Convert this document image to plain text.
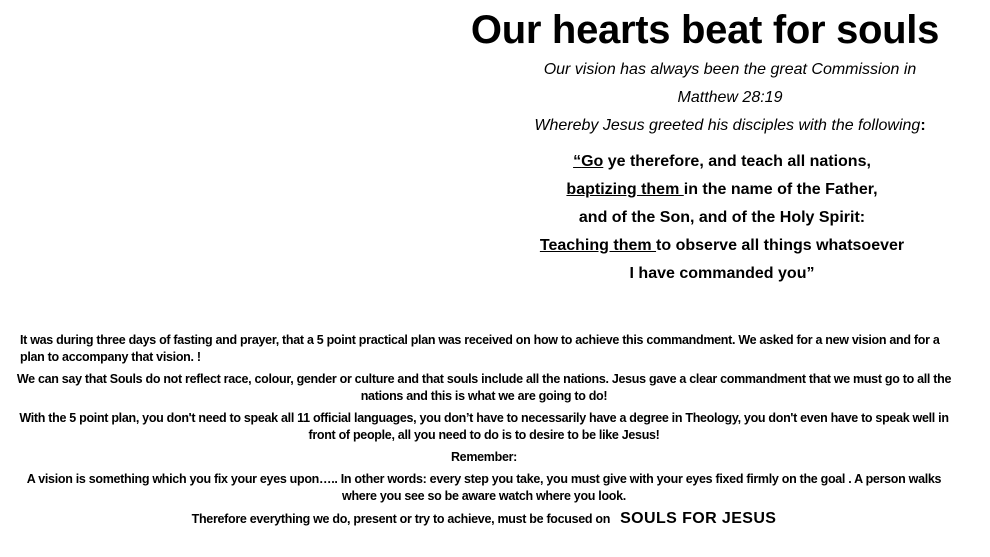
Our hearts beat for souls
Our vision has always been the great Commission in
Matthew 28:19
Whereby Jesus greeted his disciples with the following:
“Go ye therefore, and teach all nations,
baptizing them in the name of the Father,
and of the Son, and of the Holy Spirit:
Teaching them to observe all things whatsoever
I have commanded you”

It was during three days of fasting and prayer, that a 5 point practical plan was received on how to achieve this commandment. We asked for a new vision and for a plan to accompany that vision. !

We can say that Souls do not reflect race, colour, gender or culture and that souls include all the nations. Jesus gave a clear commandment that we must go to all the nations and this is what we are going to do!

With the 5 point plan, you don't need to speak all 11 official languages, you don’t have to necessarily have a degree in Theology, you don't even have to speak well in front of people, all you need to do is to desire to be like Jesus!

Remember:

A vision is something which you fix your eyes upon….. In other words: every step you take, you must give with your eyes fixed firmly on the goal . A person walks where you see so be aware watch where you look.

Therefore everything we do, present or try to achieve, must be focused on SOULS FOR JESUS
